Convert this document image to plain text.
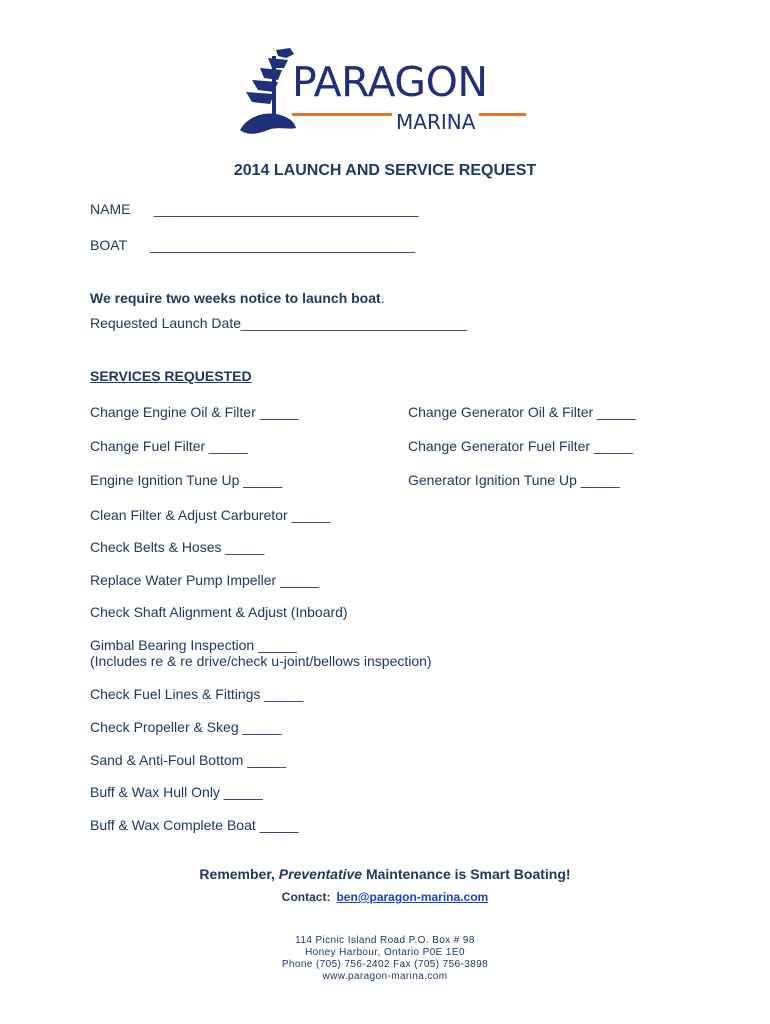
PARAGON
MARINA
2014 LAUNCH AND SERVICE REQUEST
NAME      __________________________________
BOAT      __________________________________
We require two weeks notice to launch boat.
Requested Launch Date_____________________________
SERVICES REQUESTED
Change Engine Oil & Filter _____	Change Generator Oil & Filter _____
Change Fuel Filter _____	Change Generator Fuel Filter _____
Engine Ignition Tune Up _____	Generator Ignition Tune Up _____
Clean Filter & Adjust Carburetor _____
Check Belts & Hoses _____
Replace Water Pump Impeller _____
Check Shaft Alignment & Adjust (Inboard)
Gimbal Bearing Inspection _____
(Includes re & re drive/check u-joint/bellows inspection)
Check Fuel Lines & Fittings _____
Check Propeller & Skeg _____
Sand & Anti-Foul Bottom _____
Buff & Wax Hull Only _____
Buff & Wax Complete Boat _____
Remember, Preventative Maintenance is Smart Boating!
Contact: ben@paragon-marina.com
114 Picnic Island Road P.O. Box # 98
Honey Harbour, Ontario P0E 1E0
Phone (705) 756-2402 Fax (705) 756-3898
www.paragon-marina.com
